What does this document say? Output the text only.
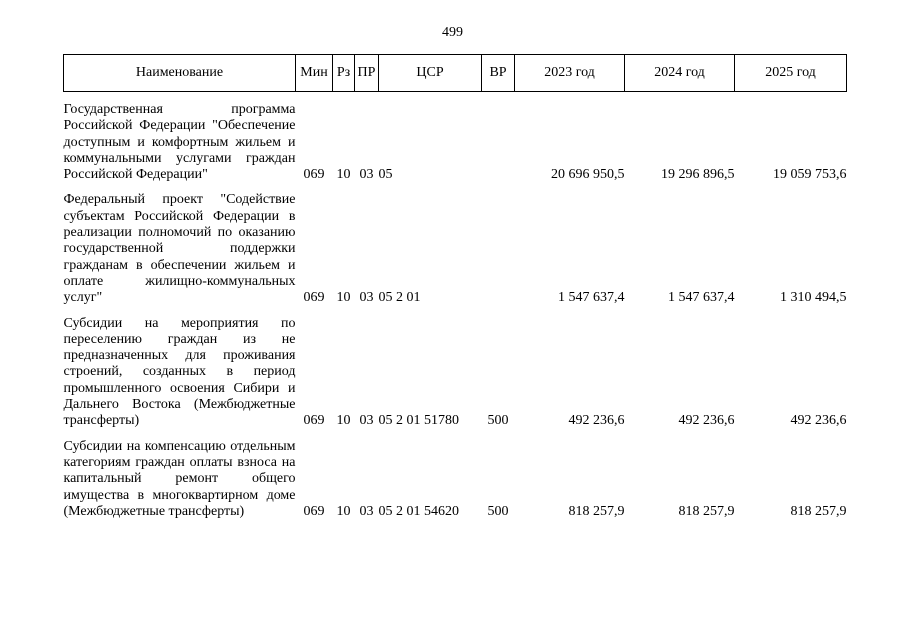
499
Наименование	Мин	Рз	ПР	ЦСР	ВР	2023 год	2024 год	2025 год
Государственная программа Российской Федерации "Обеспечение доступным и комфортным жильем и коммунальными услугами граждан Российской Федерации"	069	10	03	05		20 696 950,5	19 296 896,5	19 059 753,6

Федеральный проект "Содействие субъектам Российской Федерации в реализации полномочий по оказанию государственной поддержки гражданам в обеспечении жильем и оплате жилищно-коммунальных услуг"	069	10	03	05 2 01		1 547 637,4	1 547 637,4	1 310 494,5

Субсидии на мероприятия по переселению граждан из не предназначенных для проживания строений, созданных в период промышленного освоения Сибири и Дальнего Востока (Межбюджетные трансферты)	069	10	03	05 2 01 51780	500	492 236,6	492 236,6	492 236,6

Субсидии на компенсацию отдельным категориям граждан оплаты взноса на капитальный ремонт общего имущества в многоквартирном доме (Межбюджетные трансферты)	069	10	03	05 2 01 54620	500	818 257,9	818 257,9	818 257,9
